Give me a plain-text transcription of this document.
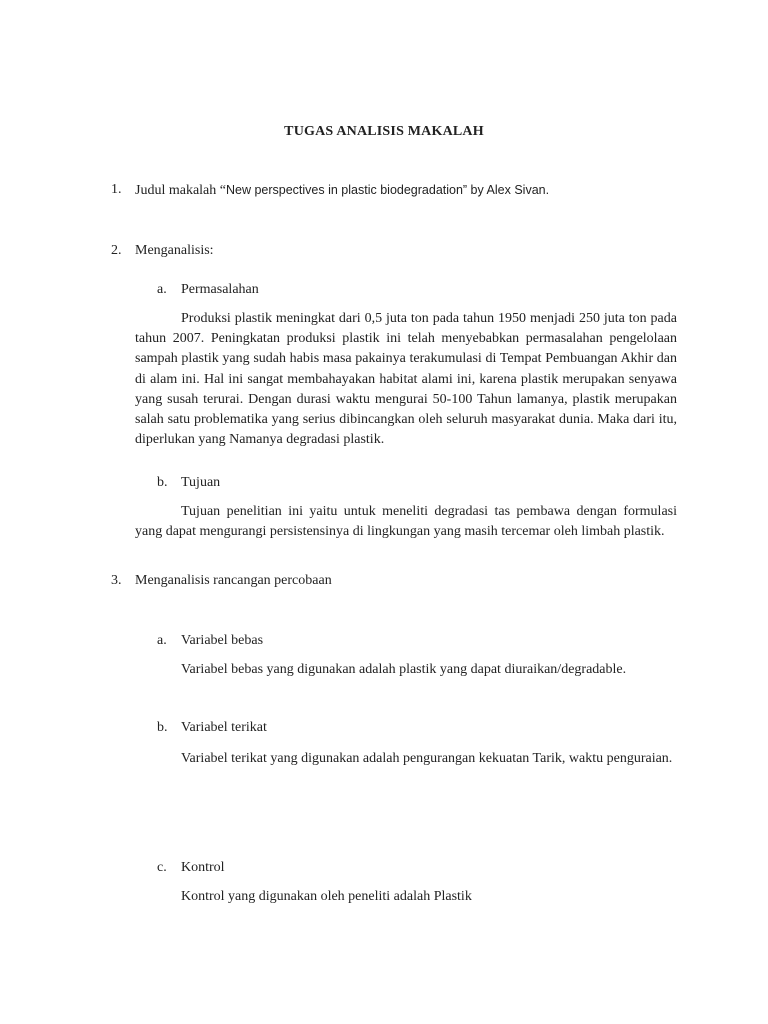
TUGAS ANALISIS MAKALAH
1. Judul makalah “New perspectives in plastic biodegradation” by Alex Sivan.
2. Menganalisis:
a. Permasalahan
Produksi plastik meningkat dari 0,5 juta ton pada tahun 1950 menjadi 250 juta ton pada tahun 2007. Peningkatan produksi plastik ini telah menyebabkan permasalahan pengelolaan sampah plastik yang sudah habis masa pakainya terakumulasi di Tempat Pembuangan Akhir dan di alam ini. Hal ini sangat membahayakan habitat alami ini, karena plastik merupakan senyawa yang susah terurai. Dengan durasi waktu mengurai 50-100 Tahun lamanya, plastik merupakan salah satu problematika yang serius dibincangkan oleh seluruh masyarakat dunia. Maka dari itu, diperlukan yang Namanya degradasi plastik.
b. Tujuan
Tujuan penelitian ini yaitu untuk meneliti degradasi tas pembawa dengan formulasi yang dapat mengurangi persistensinya di lingkungan yang masih tercemar oleh limbah plastik.
3. Menganalisis rancangan percobaan
a. Variabel bebas
Variabel bebas yang digunakan adalah plastik yang dapat diuraikan/degradable.
b. Variabel terikat
Variabel terikat yang digunakan adalah pengurangan kekuatan Tarik, waktu penguraian.
c. Kontrol
Kontrol yang digunakan oleh peneliti adalah Plastik
